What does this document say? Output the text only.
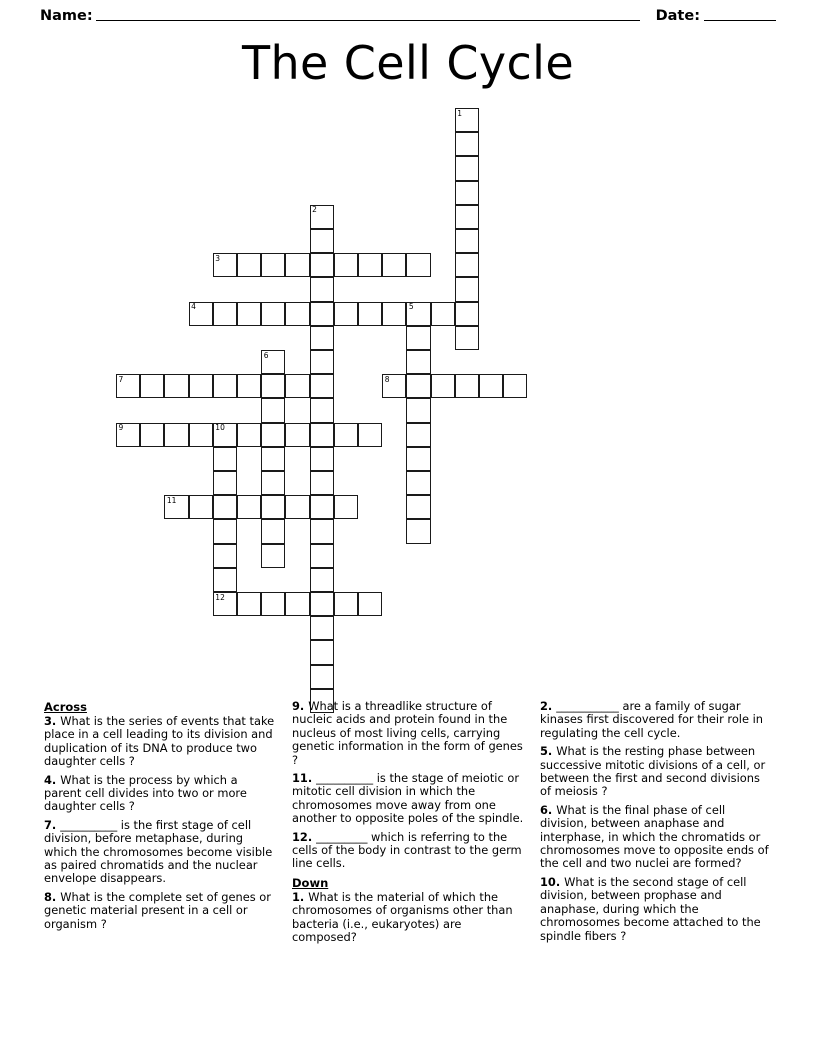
Name:	Date:
The Cell Cycle
1
2
3
4	5
6
7	8
9	10
11
12
Across

3. What is the series of events that take place in a cell leading to its division and duplication of its DNA to produce two daughter cells ?

4. What is the process by which a parent cell divides into two or more daughter cells ?

7. __________ is the first stage of cell division, before metaphase, during which the chromosomes become visible as paired chromatids and the nuclear envelope disappears.

8. What is the complete set of genes or genetic material present in a cell or organism ?

9. What is a threadlike structure of nucleic acids and protein found in the nucleus of most living cells, carrying genetic information in the form of genes ?

11. __________ is the stage of meiotic or mitotic cell division in which the chromosomes move away from one another to opposite poles of the spindle.

12. _________ which is referring to the cells of the body in contrast to the germ line cells.

Down

1. What is the material of which the chromosomes of organisms other than bacteria (i.e., eukaryotes) are composed?

2. ___________ are a family of sugar kinases first discovered for their role in regulating the cell cycle.

5. What is the resting phase between successive mitotic divisions of a cell, or between the first and second divisions of meiosis ?

6. What is the final phase of cell division, between anaphase and interphase, in which the chromatids or chromosomes move to opposite ends of the cell and two nuclei are formed?

10. What is the second stage of cell division, between prophase and anaphase, during which the chromosomes become attached to the spindle fibers ?
